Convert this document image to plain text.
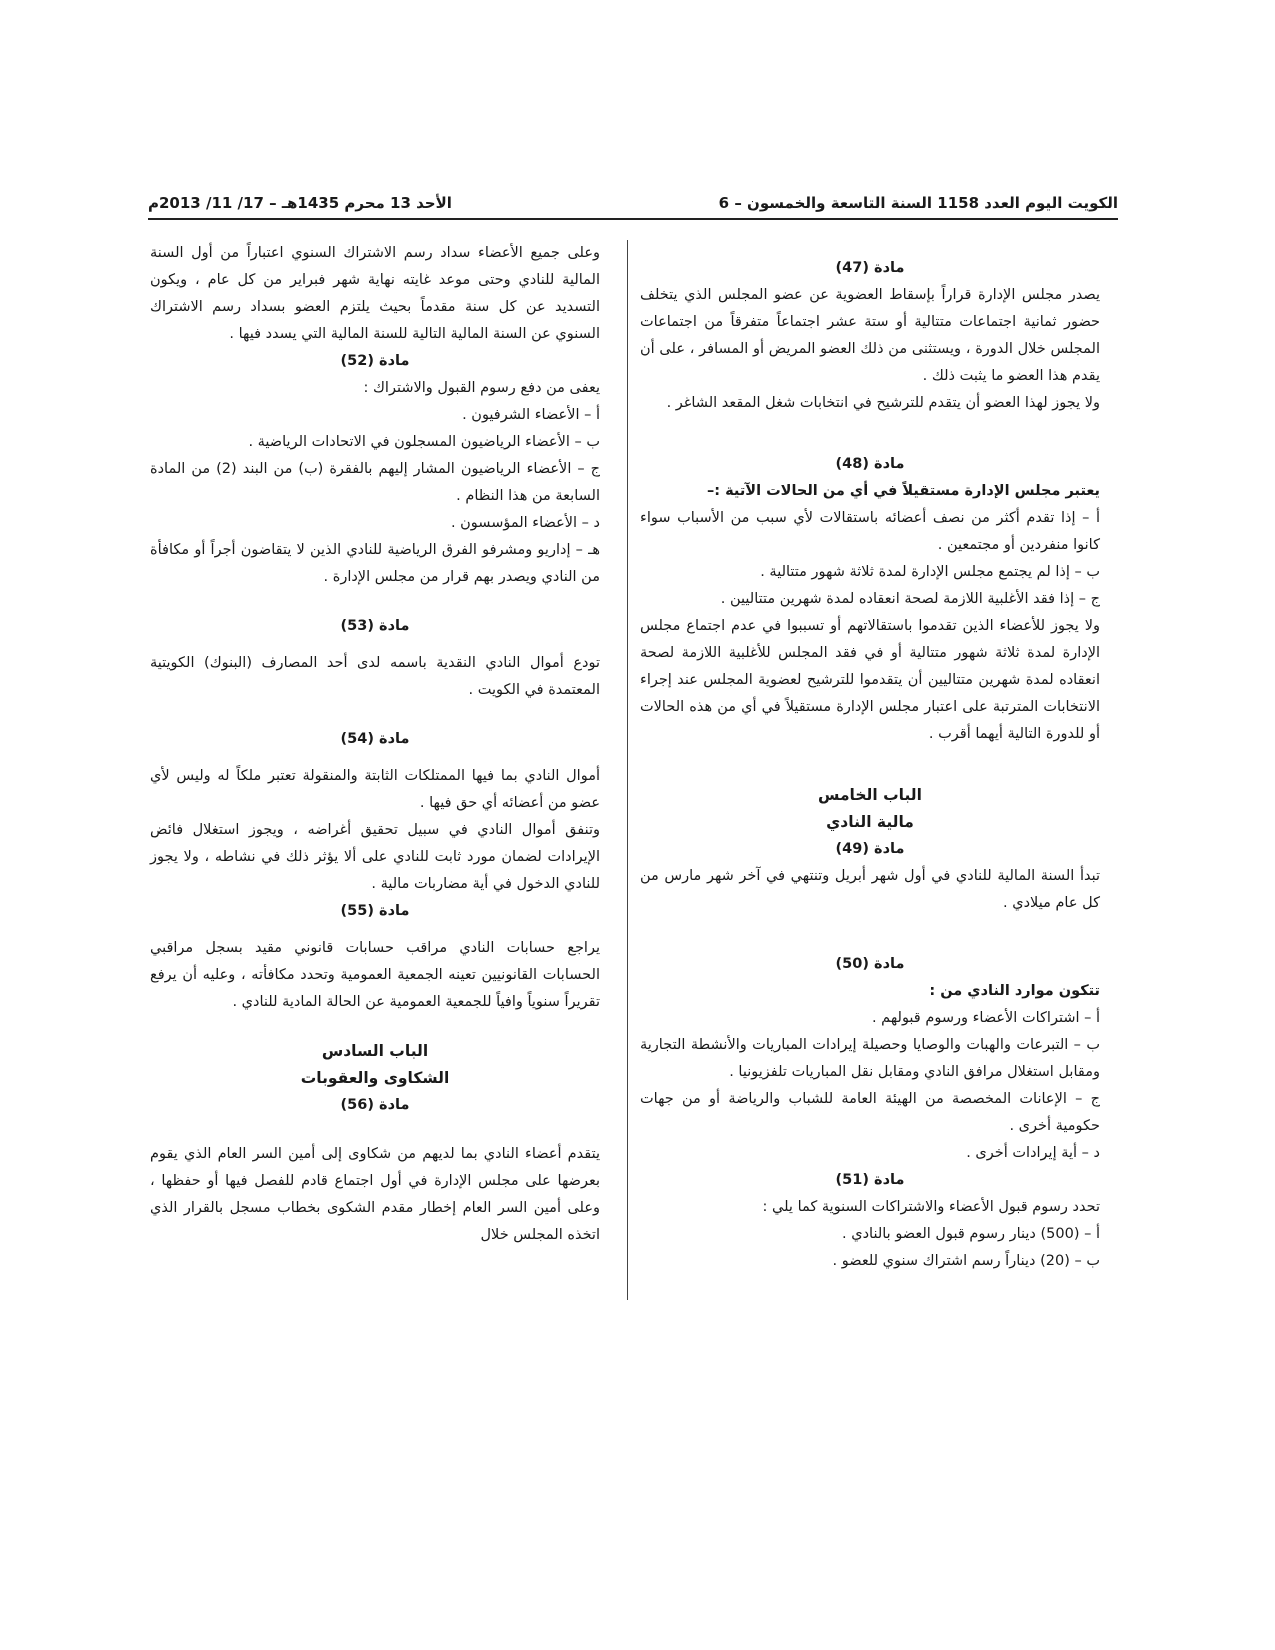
الكويت اليوم العدد 1158 السنة التاسعة والخمسون – 6
الأحد 13 محرم 1435هـ – 17/ 11/ 2013م

مادة (47)

يصدر مجلس الإدارة قراراً بإسقاط العضوية عن عضو المجلس الذي يتخلف حضور ثمانية اجتماعات متتالية أو ستة عشر اجتماعاً متفرقاً من اجتماعات المجلس خلال الدورة ، ويستثنى من ذلك العضو المريض أو المسافر ، على أن يقدم هذا العضو ما يثبت ذلك .

ولا يجوز لهذا العضو أن يتقدم للترشيح في انتخابات شغل المقعد الشاغر .

مادة (48)

يعتبر مجلس الإدارة مستقيلاً في أي من الحالات الآتية :–

أ – إذا تقدم أكثر من نصف أعضائه باستقالات لأي سبب من الأسباب سواء كانوا منفردين أو مجتمعين .

ب – إذا لم يجتمع مجلس الإدارة لمدة ثلاثة شهور متتالية .

ج – إذا فقد الأغلبية اللازمة لصحة انعقاده لمدة شهرين متتاليين .

ولا يجوز للأعضاء الذين تقدموا باستقالاتهم أو تسببوا في عدم اجتماع مجلس الإدارة لمدة ثلاثة شهور متتالية أو في فقد المجلس للأغلبية اللازمة لصحة انعقاده لمدة شهرين متتاليين أن يتقدموا للترشيح لعضوية المجلس عند إجراء الانتخابات المترتبة على اعتبار مجلس الإدارة مستقيلاً في أي من هذه الحالات أو للدورة التالية أيهما أقرب .

الباب الخامس

مالية النادي

مادة (49)

تبدأ السنة المالية للنادي في أول شهر أبريل وتنتهي في آخر شهر مارس من كل عام ميلادي .

مادة (50)

تتكون موارد النادي من :

أ – اشتراكات الأعضاء ورسوم قبولهم .

ب – التبرعات والهبات والوصايا وحصيلة إيرادات المباريات والأنشطة التجارية ومقابل استغلال مرافق النادي ومقابل نقل المباريات تلفزيونيا .

ج – الإعانات المخصصة من الهيئة العامة للشباب والرياضة أو من جهات حكومية أخرى .

د – أية إيرادات أخرى .

مادة (51)

تحدد رسوم قبول الأعضاء والاشتراكات السنوية كما يلي :

أ – (500) دينار رسوم قبول العضو بالنادي .

ب – (20) ديناراً رسم اشتراك سنوي للعضو .

وعلى جميع الأعضاء سداد رسم الاشتراك السنوي اعتباراً من أول السنة المالية للنادي وحتى موعد غايته نهاية شهر فبراير من كل عام ، ويكون التسديد عن كل سنة مقدماً بحيث يلتزم العضو بسداد رسم الاشتراك السنوي عن السنة المالية التالية للسنة المالية التي يسدد فيها .

مادة (52)

يعفى من دفع رسوم القبول والاشتراك :

أ – الأعضاء الشرفيون .

ب – الأعضاء الرياضيون المسجلون في الاتحادات الرياضية .

ج – الأعضاء الرياضيون المشار إليهم بالفقرة (ب) من البند (2) من المادة السابعة من هذا النظام .

د – الأعضاء المؤسسون .

هـ – إداريو ومشرفو الفرق الرياضية للنادي الذين لا يتقاضون أجراً أو مكافأة من النادي ويصدر بهم قرار من مجلس الإدارة .

مادة (53)

تودع أموال النادي النقدية باسمه لدى أحد المصارف (البنوك) الكويتية المعتمدة في الكويت .

مادة (54)

أموال النادي بما فيها الممتلكات الثابتة والمنقولة تعتبر ملكاً له وليس لأي عضو من أعضائه أي حق فيها .

وتنفق أموال النادي في سبيل تحقيق أغراضه ، ويجوز استغلال فائض الإيرادات لضمان مورد ثابت للنادي على ألا يؤثر ذلك في نشاطه ، ولا يجوز للنادي الدخول في أية مضاربات مالية .

مادة (55)

يراجع حسابات النادي مراقب حسابات قانوني مقيد بسجل مراقبي الحسابات القانونيين تعينه الجمعية العمومية وتحدد مكافأته ، وعليه أن يرفع تقريراً سنوياً وافياً للجمعية العمومية عن الحالة المادية للنادي .

الباب السادس

الشكاوى والعقوبات

مادة (56)

يتقدم أعضاء النادي بما لديهم من شكاوى إلى أمين السر العام الذي يقوم بعرضها على مجلس الإدارة في أول اجتماع قادم للفصل فيها أو حفظها ، وعلى أمين السر العام إخطار مقدم الشكوى بخطاب مسجل بالقرار الذي اتخذه المجلس خلال
